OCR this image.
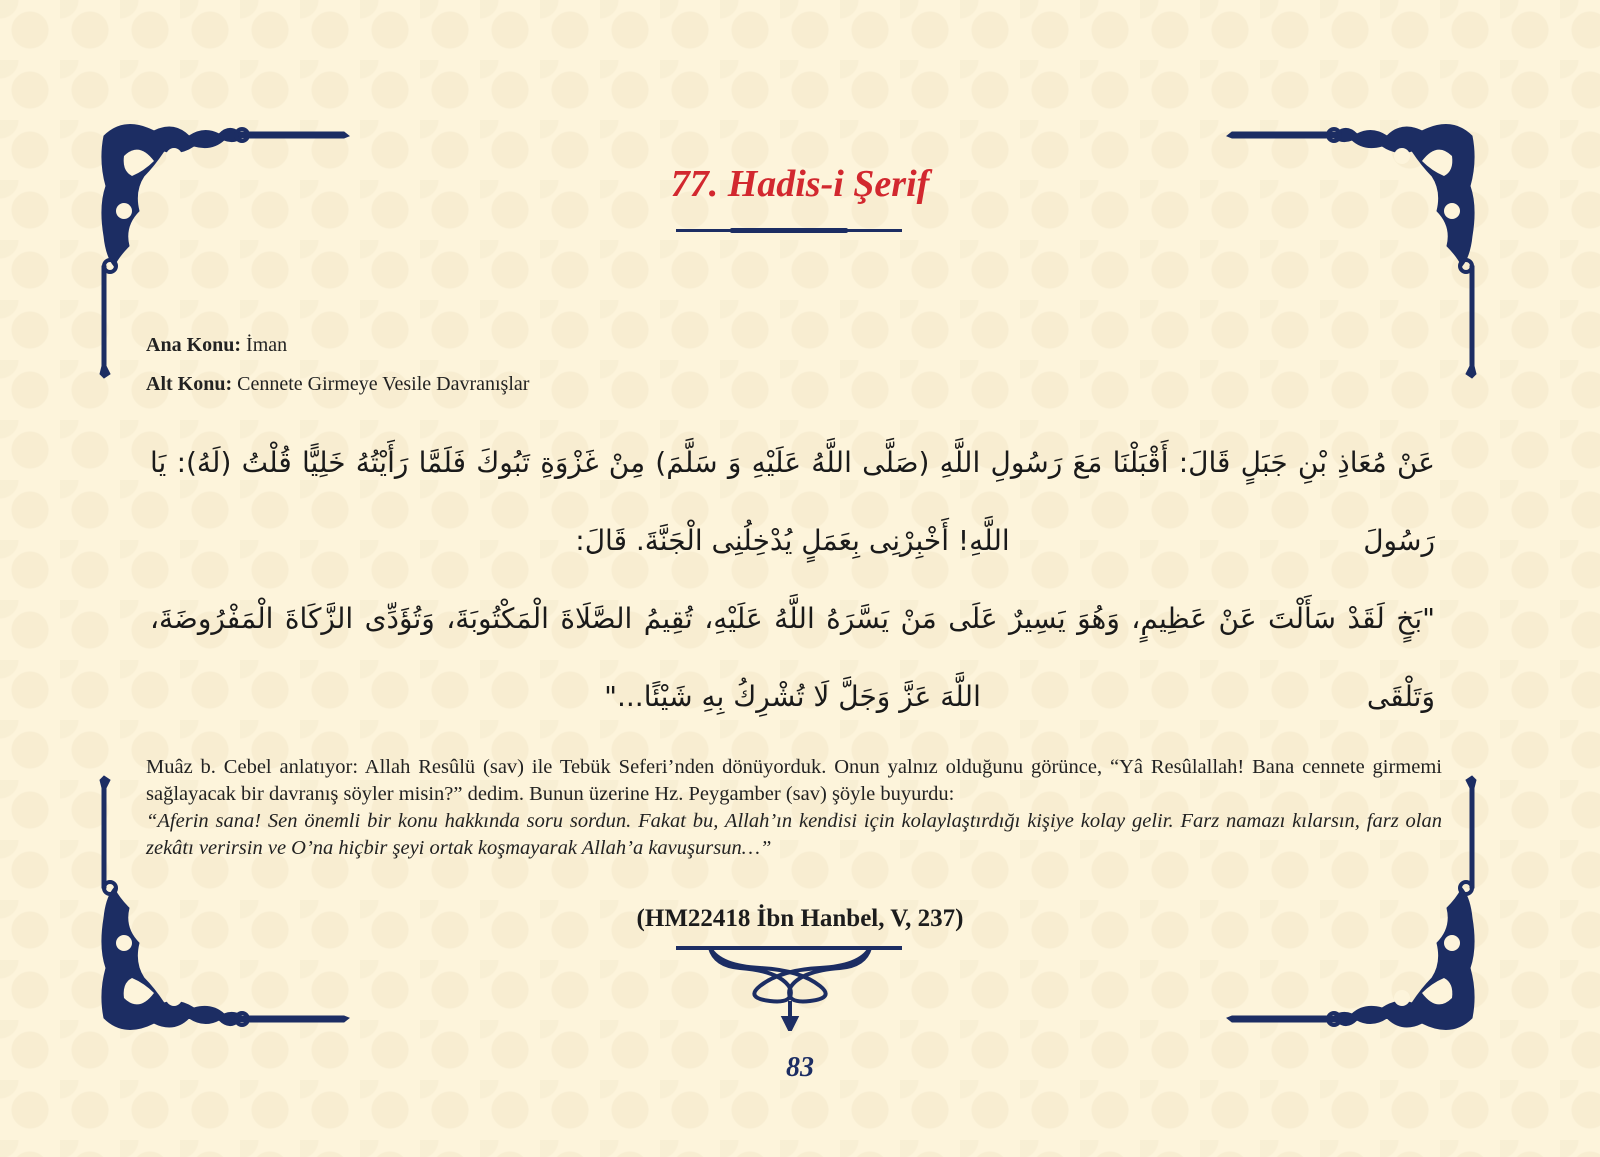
77. Hadis-i Şerif
Ana Konu: İman
Alt Konu: Cennete Girmeye Vesile Davranışlar
عَنْ مُعَاذِ بْنِ جَبَلٍ قَالَ: أَقْبَلْنَا مَعَ رَسُولِ اللَّهِ (صَلَّى اللَّهُ عَلَيْهِ وَ سَلَّمَ) مِنْ غَزْوَةِ تَبُوكَ فَلَمَّا رَأَيْتُهُ خَلِيًّا قُلْتُ (لَهُ): يَا رَسُولَ
اللَّهِ! أَخْبِرْنِى بِعَمَلٍ يُدْخِلُنِى الْجَنَّةَ. قَالَ:
"بَخٍ لَقَدْ سَأَلْتَ عَنْ عَظِيمٍ، وَهُوَ يَسِيرٌ عَلَى مَنْ يَسَّرَهُ اللَّهُ عَلَيْهِ، تُقِيمُ الصَّلَاةَ الْمَكْتُوبَةَ، وَتُؤَدِّى الزَّكَاةَ الْمَفْرُوضَةَ، وَتَلْقَى
اللَّهَ عَزَّ وَجَلَّ لَا تُشْرِكُ بِهِ شَيْئًا..."
Muâz b. Cebel anlatıyor: Allah Resûlü (sav) ile Tebük Seferi’nden dönüyorduk. Onun yalnız olduğunu görünce, “Yâ Resûlallah! Bana cennete girmemi sağlayacak bir davranış söyler misin?” dedim. Bunun üzerine Hz. Peygamber (sav) şöyle buyurdu:
“Aferin sana! Sen önemli bir konu hakkında soru sordun. Fakat bu, Allah’ın kendisi için kolaylaştırdığı kişiye kolay gelir. Farz namazı kılarsın, farz olan zekâtı verirsin ve O’na hiçbir şeyi ortak koşmayarak Allah’a kavuşursun…”
(HM22418 İbn Hanbel, V, 237)
83
